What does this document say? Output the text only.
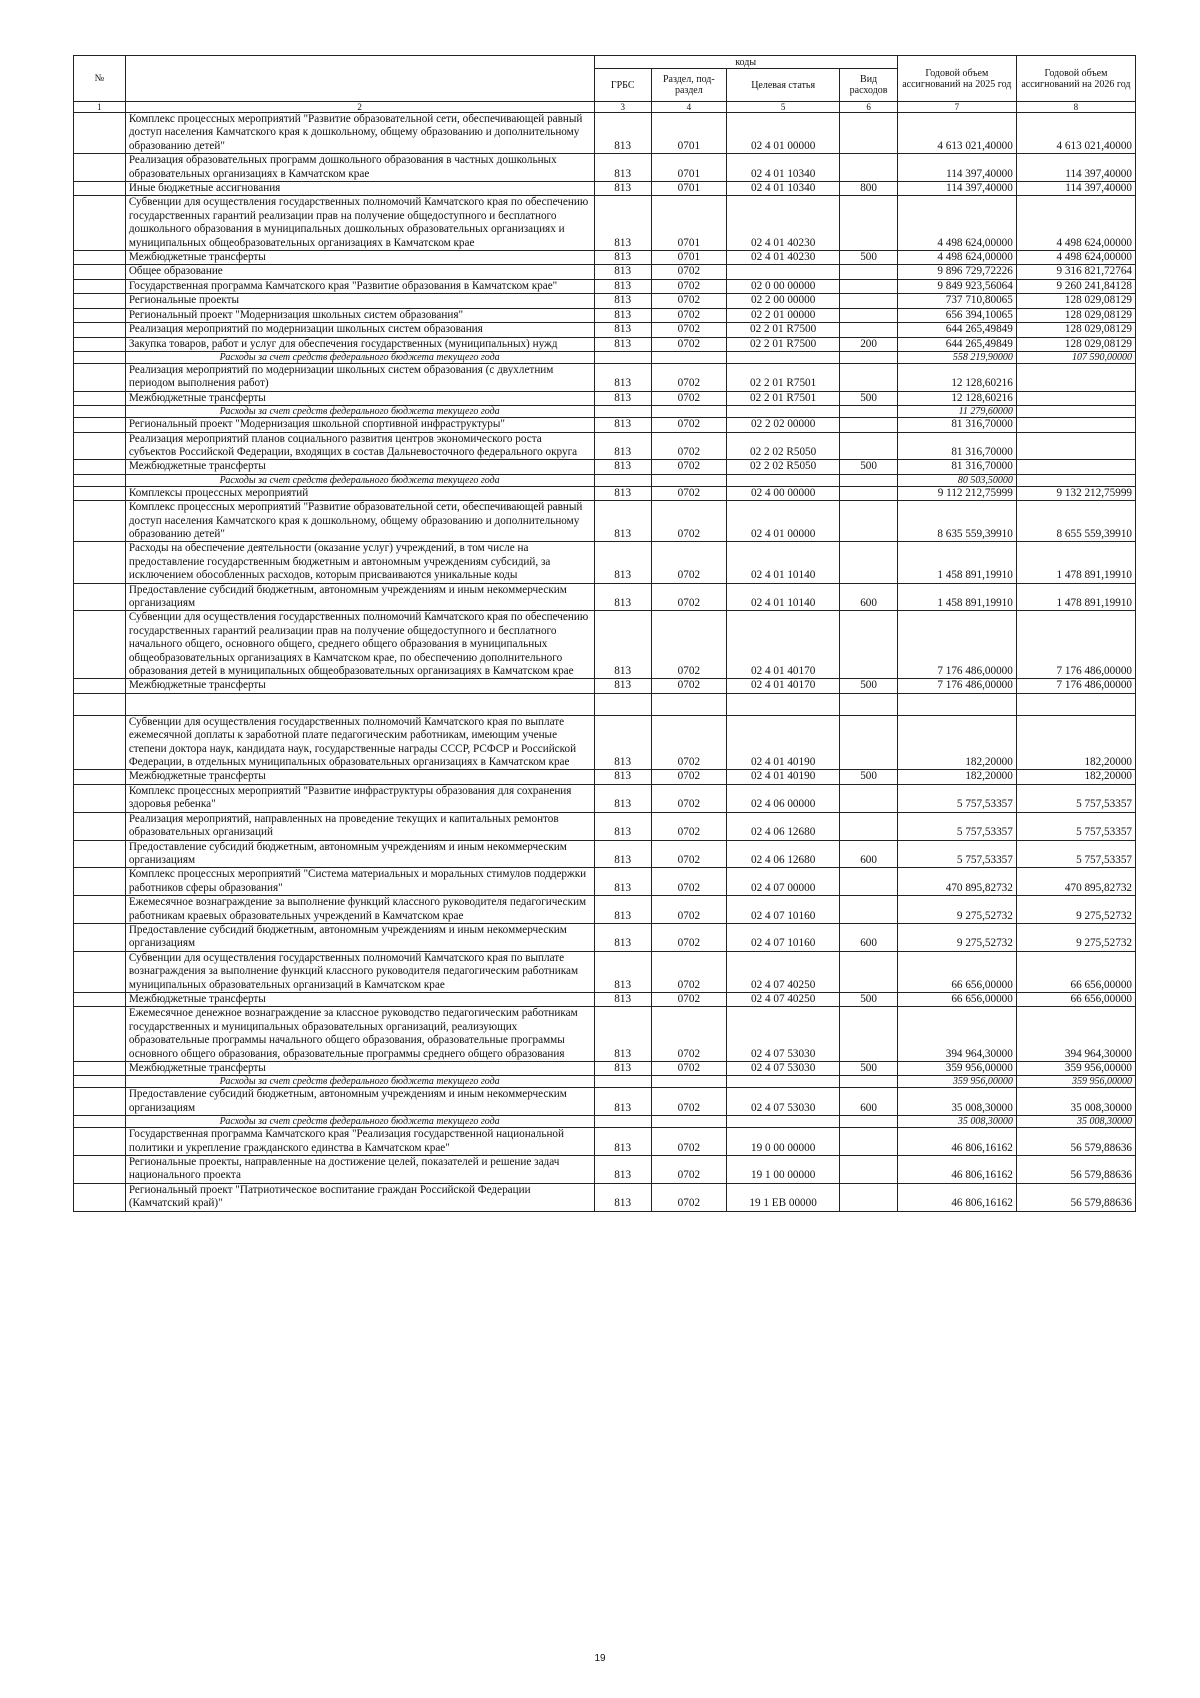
№		коды				Годовой объем ассигнований на 2025 год	Годовой объем ассигнований на 2026 год
		ГРБС	Раздел, под-раздел	Целевая статья	Вид расходов		
1	2	3	4	5	6	7	8
	Комплекс процессных мероприятий "Развитие образовательной сети, обеспечивающей равный доступ населения Камчатского края к дошкольному, общему образованию и дополнительному образованию детей"	813	0701	02 4 01 00000		4 613 021,40000	4 613 021,40000
	Реализация образовательных программ дошкольного образования в частных дошкольных образовательных организациях в Камчатском крае	813	0701	02 4 01 10340		114 397,40000	114 397,40000
	Иные бюджетные ассигнования	813	0701	02 4 01 10340	800	114 397,40000	114 397,40000
	Субвенции для осуществления государственных полномочий Камчатского края по обеспечению государственных гарантий реализации прав на получение общедоступного и бесплатного дошкольного образования в муниципальных дошкольных образовательных организациях и муниципальных общеобразовательных организациях в Камчатском крае	813	0701	02 4 01 40230		4 498 624,00000	4 498 624,00000
	Межбюджетные трансферты	813	0701	02 4 01 40230	500	4 498 624,00000	4 498 624,00000
	Общее образование	813	0702			9 896 729,72226	9 316 821,72764
	Государственная программа Камчатского края "Развитие образования в Камчатском крае"	813	0702	02 0 00 00000		9 849 923,56064	9 260 241,84128
	Региональные проекты	813	0702	02 2 00 00000		737 710,80065	128 029,08129
	Региональный проект "Модернизация школьных систем образования"	813	0702	02 2 01 00000		656 394,10065	128 029,08129
	Реализация мероприятий по модернизации школьных систем образования	813	0702	02 2 01 R7500		644 265,49849	128 029,08129
	Закупка товаров, работ и услуг для обеспечения государственных (муниципальных) нужд	813	0702	02 2 01 R7500	200	644 265,49849	128 029,08129
	Расходы за счет средств федерального бюджета текущего года					558 219,90000	107 590,00000
	Реализация мероприятий по модернизации школьных систем образования (с двухлетним периодом выполнения работ)	813	0702	02 2 01 R7501		12 128,60216	
	Межбюджетные трансферты	813	0702	02 2 01 R7501	500	12 128,60216	
	Расходы за счет средств федерального бюджета текущего года					11 279,60000	
	Региональный проект "Модернизация школьной спортивной инфраструктуры"	813	0702	02 2 02 00000		81 316,70000	
	Реализация мероприятий планов социального развития центров экономического роста субъектов Российской Федерации, входящих в состав Дальневосточного федерального округа	813	0702	02 2 02 R5050		81 316,70000	
	Межбюджетные трансферты	813	0702	02 2 02 R5050	500	81 316,70000	
	Расходы за счет средств федерального бюджета текущего года					80 503,50000	
	Комплексы процессных мероприятий	813	0702	02 4 00 00000		9 112 212,75999	9 132 212,75999
	Комплекс процессных мероприятий "Развитие образовательной сети, обеспечивающей равный доступ населения Камчатского края к дошкольному, общему образованию и дополнительному образованию детей"	813	0702	02 4 01 00000		8 635 559,39910	8 655 559,39910
	Расходы на обеспечение деятельности (оказание услуг) учреждений, в том числе на предоставление государственным бюджетным и автономным учреждениям субсидий, за исключением обособленных расходов, которым присваиваются уникальные коды	813	0702	02 4 01 10140		1 458 891,19910	1 478 891,19910
	Предоставление субсидий бюджетным, автономным учреждениям и иным некоммерческим организациям	813	0702	02 4 01 10140	600	1 458 891,19910	1 478 891,19910
	Субвенции для осуществления государственных полномочий Камчатского края по обеспечению государственных гарантий реализации прав на получение общедоступного и бесплатного начального общего, основного общего, среднего общего образования в муниципальных общеобразовательных организациях в Камчатском крае, по обеспечению дополнительного образования детей в муниципальных общеобразовательных организациях в Камчатском крае	813	0702	02 4 01 40170		7 176 486,00000	7 176 486,00000
	Межбюджетные трансферты	813	0702	02 4 01 40170	500	7 176 486,00000	7 176 486,00000

	Субвенции для осуществления государственных полномочий Камчатского края по выплате ежемесячной доплаты к заработной плате педагогическим работникам, имеющим ученые степени доктора наук, кандидата наук, государственные награды СССР, РСФСР и Российской Федерации, в отдельных муниципальных образовательных организациях в Камчатском крае	813	0702	02 4 01 40190		182,20000	182,20000
	Межбюджетные трансферты	813	0702	02 4 01 40190	500	182,20000	182,20000
	Комплекс процессных мероприятий "Развитие инфраструктуры образования для сохранения здоровья ребенка"	813	0702	02 4 06 00000		5 757,53357	5 757,53357
	Реализация мероприятий, направленных на проведение текущих и капитальных ремонтов образовательных организаций	813	0702	02 4 06 12680		5 757,53357	5 757,53357
	Предоставление субсидий бюджетным, автономным учреждениям и иным некоммерческим организациям	813	0702	02 4 06 12680	600	5 757,53357	5 757,53357
	Комплекс процессных мероприятий "Система материальных и моральных стимулов поддержки работников сферы образования"	813	0702	02 4 07 00000		470 895,82732	470 895,82732
	Ежемесячное вознаграждение за выполнение функций классного руководителя педагогическим работникам краевых образовательных учреждений в Камчатском крае	813	0702	02 4 07 10160		9 275,52732	9 275,52732
	Предоставление субсидий бюджетным, автономным учреждениям и иным некоммерческим организациям	813	0702	02 4 07 10160	600	9 275,52732	9 275,52732
	Субвенции для осуществления государственных полномочий Камчатского края по выплате вознаграждения за выполнение функций классного руководителя педагогическим работникам муниципальных образовательных организаций в Камчатском крае	813	0702	02 4 07 40250		66 656,00000	66 656,00000
	Межбюджетные трансферты	813	0702	02 4 07 40250	500	66 656,00000	66 656,00000
	Ежемесячное денежное вознаграждение за классное руководство педагогическим работникам государственных и муниципальных образовательных организаций, реализующих образовательные программы начального общего образования, образовательные программы основного общего образования, образовательные программы среднего общего образования	813	0702	02 4 07 53030		394 964,30000	394 964,30000
	Межбюджетные трансферты	813	0702	02 4 07 53030	500	359 956,00000	359 956,00000
	Расходы за счет средств федерального бюджета текущего года					359 956,00000	359 956,00000
	Предоставление субсидий бюджетным, автономным учреждениям и иным некоммерческим организациям	813	0702	02 4 07 53030	600	35 008,30000	35 008,30000
	Расходы за счет средств федерального бюджета текущего года					35 008,30000	35 008,30000
	Государственная программа Камчатского края "Реализация государственной национальной политики и укрепление гражданского единства в Камчатском крае"	813	0702	19 0 00 00000		46 806,16162	56 579,88636
	Региональные проекты, направленные на достижение целей, показателей и решение задач национального проекта	813	0702	19 1 00 00000		46 806,16162	56 579,88636
	Региональный проект "Патриотическое воспитание граждан Российской Федерации (Камчатский край)"	813	0702	19 1 EB 00000		46 806,16162	56 579,88636
19
